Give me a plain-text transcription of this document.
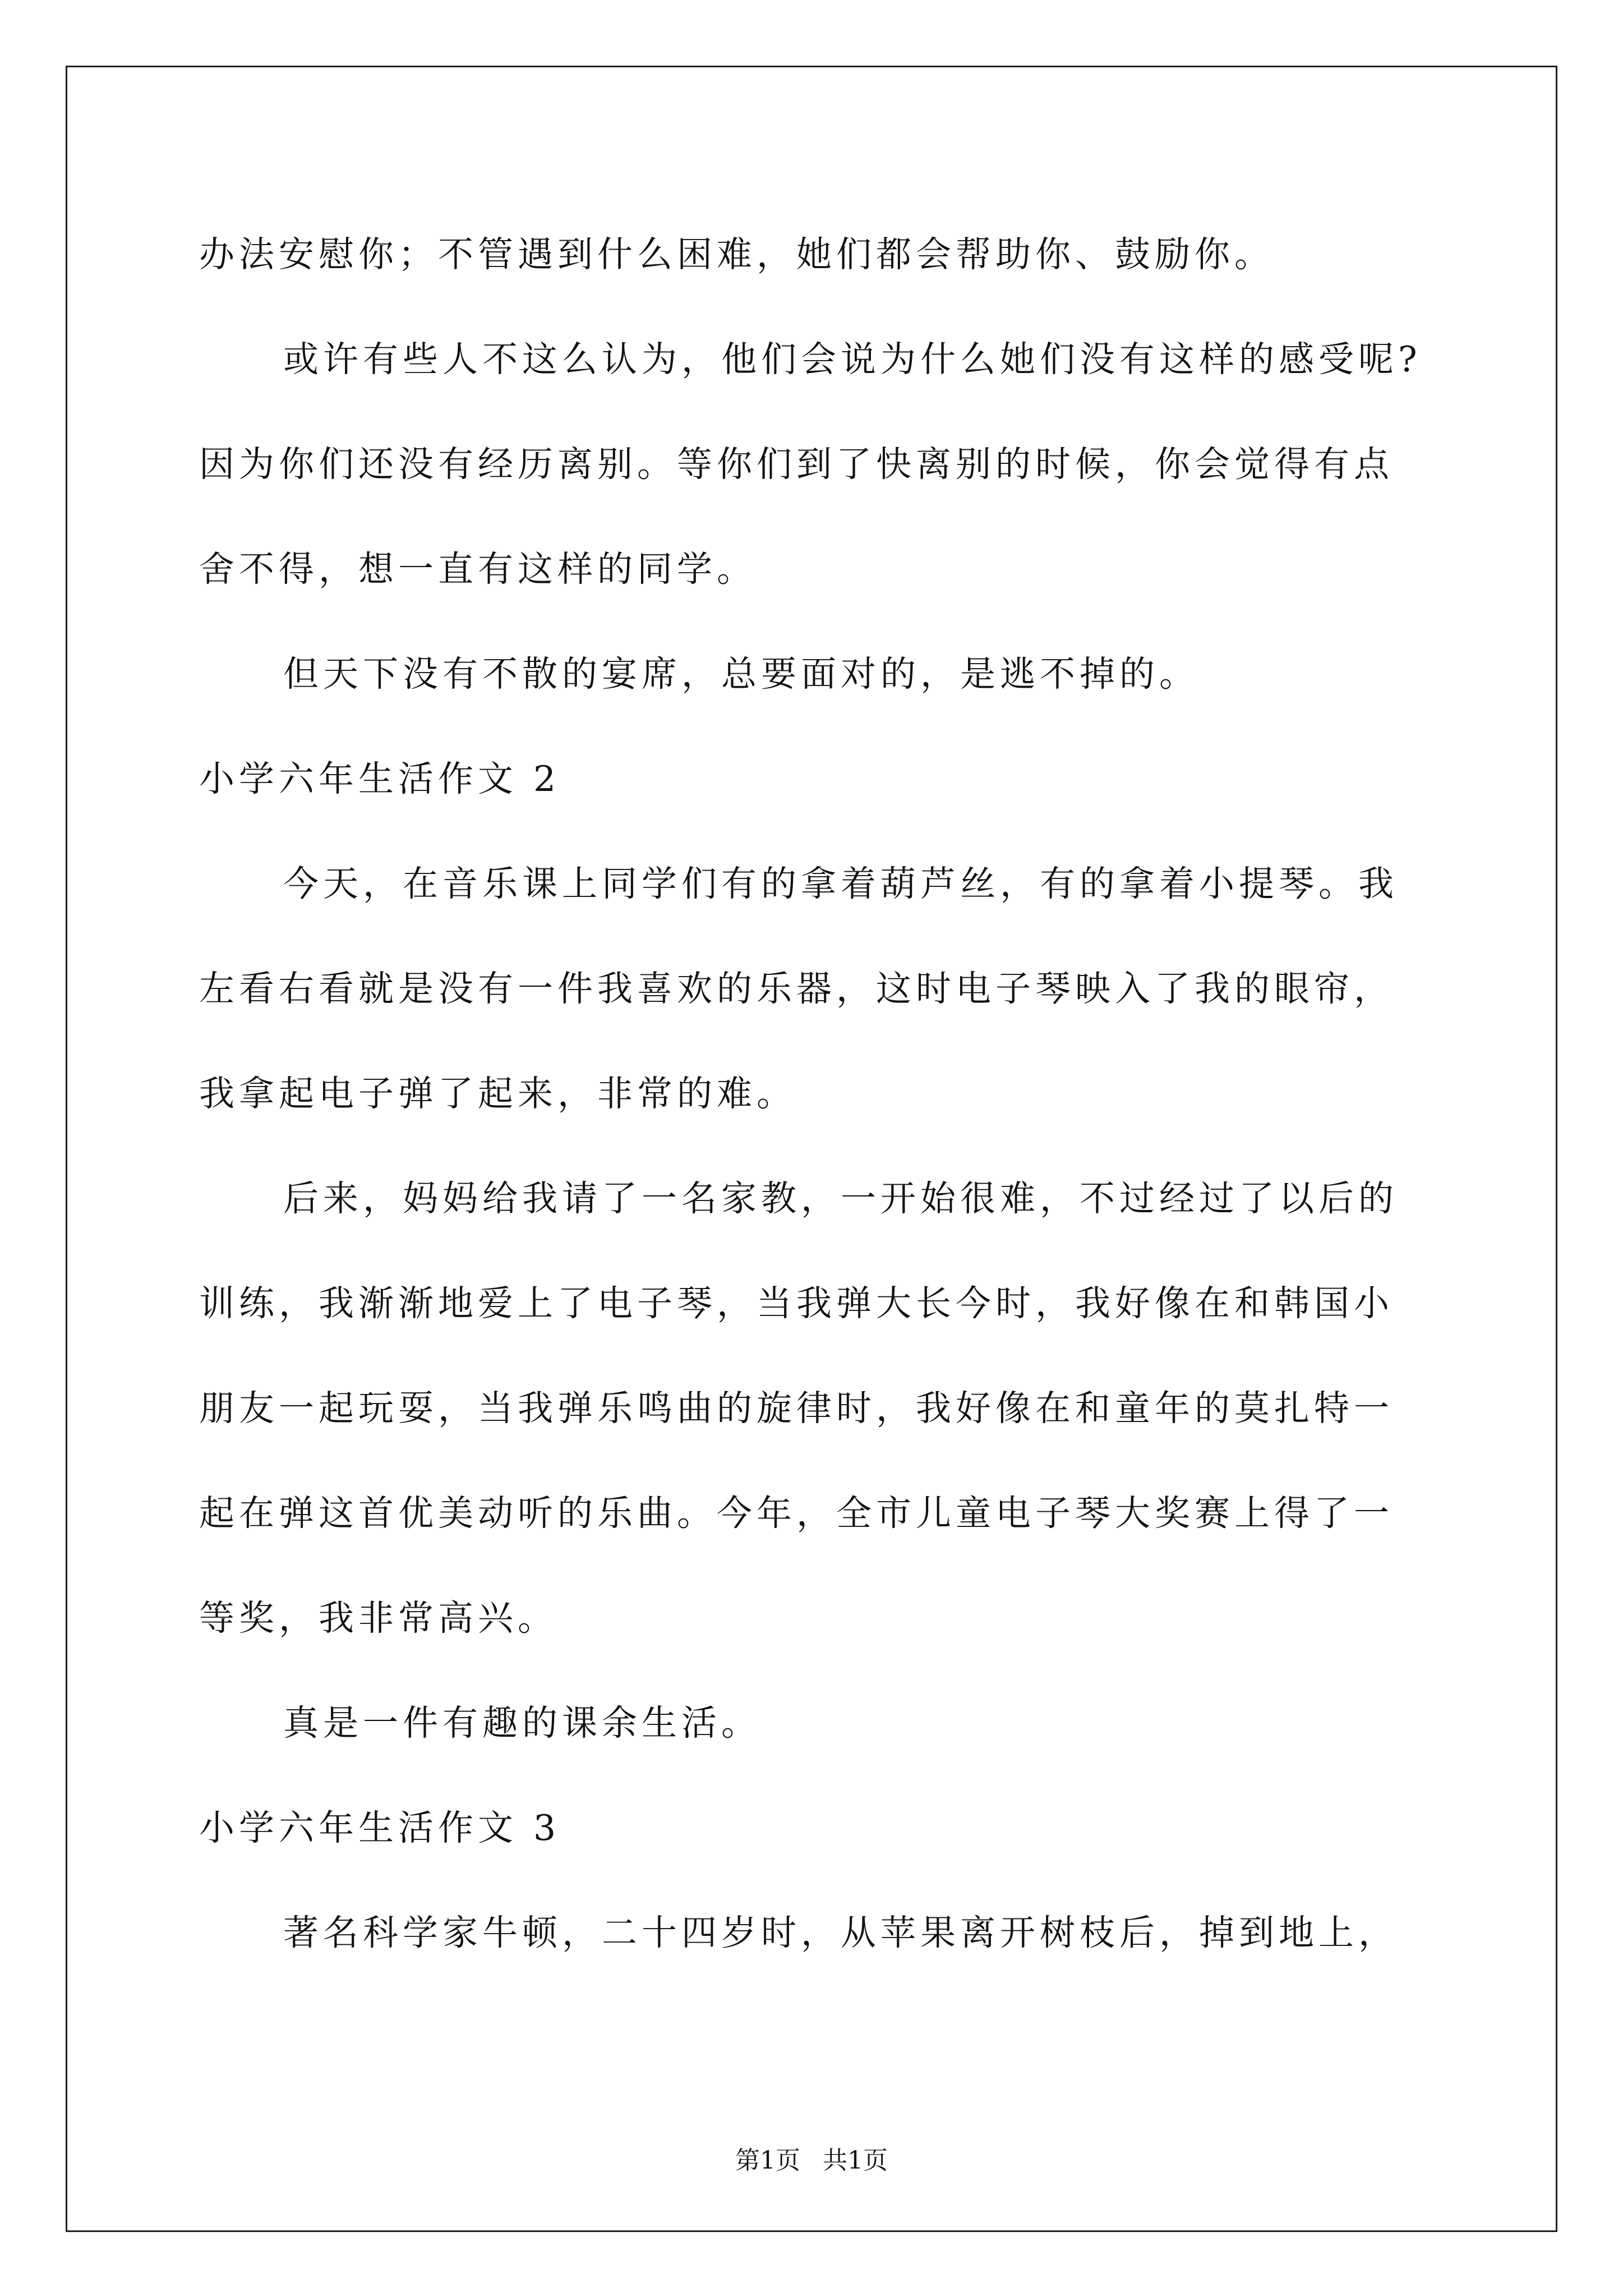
办法安慰你；不管遇到什么困难，她们都会帮助你、鼓励你。
或许有些人不这么认为，他们会说为什么她们没有这样的感受呢?
因为你们还没有经历离别。等你们到了快离别的时候，你会觉得有点
舍不得，想一直有这样的同学。
但天下没有不散的宴席，总要面对的，是逃不掉的。
小学六年生活作文 2
今天，在音乐课上同学们有的拿着葫芦丝，有的拿着小提琴。我
左看右看就是没有一件我喜欢的乐器，这时电子琴映入了我的眼帘，
我拿起电子弹了起来，非常的难。
后来，妈妈给我请了一名家教，一开始很难，不过经过了以后的
训练，我渐渐地爱上了电子琴，当我弹大长今时，我好像在和韩国小
朋友一起玩耍，当我弹乐鸣曲的旋律时，我好像在和童年的莫扎特一
起在弹这首优美动听的乐曲。今年，全市儿童电子琴大奖赛上得了一
等奖，我非常高兴。
真是一件有趣的课余生活。
小学六年生活作文 3
著名科学家牛顿，二十四岁时，从苹果离开树枝后，掉到地上，
第1页 共1页
